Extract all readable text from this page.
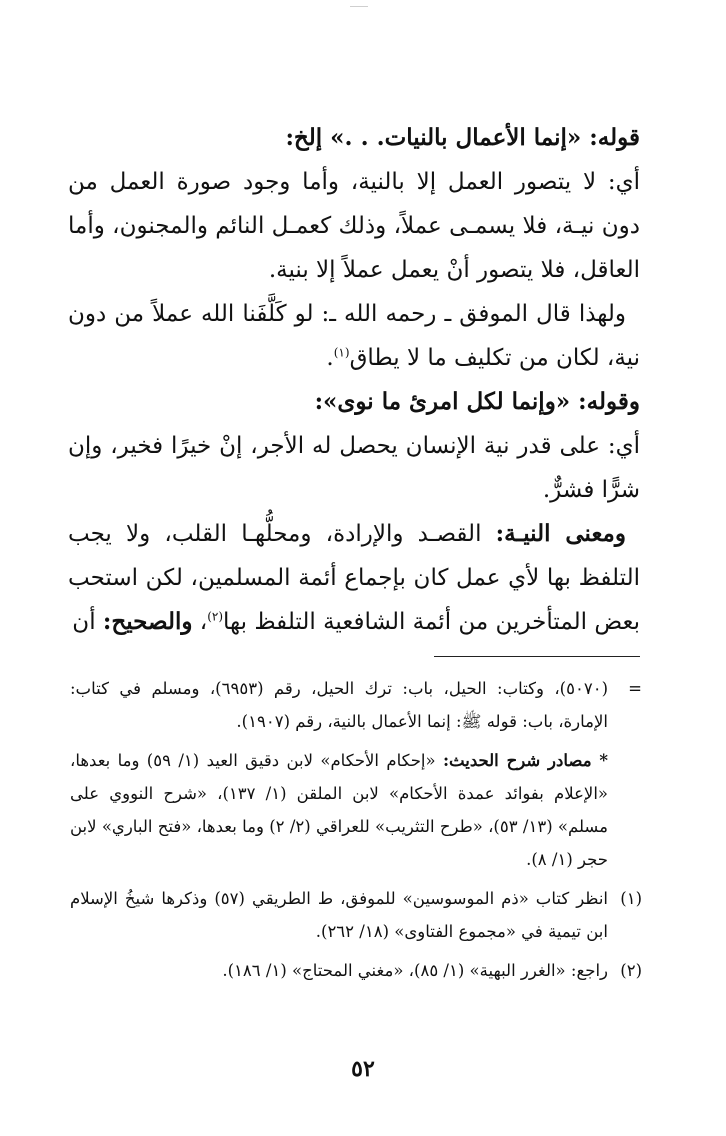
قوله: «إنما الأعمال بالنيات. . .» إلخ:

أي: لا يتصور العمل إلا بالنية، وأما وجود صورة العمل من دون نيـة، فلا يسمـى عملاً، وذلك كعمـل النائم والمجنون، وأما العاقل، فلا يتصور أنْ يعمل عملاً إلا بنية.

ولهذا قال الموفق ـ رحمه الله ـ: لو كَلَّفَنا الله عملاً من دون نية، لكان من تكليف ما لا يطاق$^{(١)}$.

وقوله: «وإنما لكل امرئ ما نوى»:

أي: على قدر نية الإنسان يحصل له الأجر، إنْ خيرًا فخير، وإن شرًّا فشرٌّ.

ومعنى النيـة: القصـد والإرادة، ومحلُّهـا القلب، ولا يجب التلفظ بها لأي عمل كان بإجماع أئمة المسلمين، لكن استحب بعض المتأخرين من أئمة الشافعية التلفظ بها$^{(٢)}$، والصحيح: أن

=
(٥٠٧٠)، وكتاب: الحيل، باب: ترك الحيل، رقم (٦٩٥٣)، ومسلم في كتاب: الإمارة، باب: قوله ﷺ: إنما الأعمال بالنية، رقم (١٩٠٧).
* مصادر شرح الحديث: «إحكام الأحكام» لابن دقيق العيد (١/ ٥٩) وما بعدها، «الإعلام بفوائد عمدة الأحكام» لابن الملقن (١/ ١٣٧)، «شرح النووي على مسلم» (١٣/ ٥٣)، «طرح التثريب» للعراقي (٢/ ٢) وما بعدها، «فتح الباري» لابن حجر (١/ ٨).
(١)
انظر كتاب «ذم الموسوسين» للموفق، ط الطريقي (٥٧) وذكرها شيخُ الإسلام ابن تيمية في «مجموع الفتاوى» (١٨/ ٢٦٢).
(٢)
راجع: «الغرر البهية» (١/ ٨٥)، «مغني المحتاج» (١/ ١٨٦).
٥٢
